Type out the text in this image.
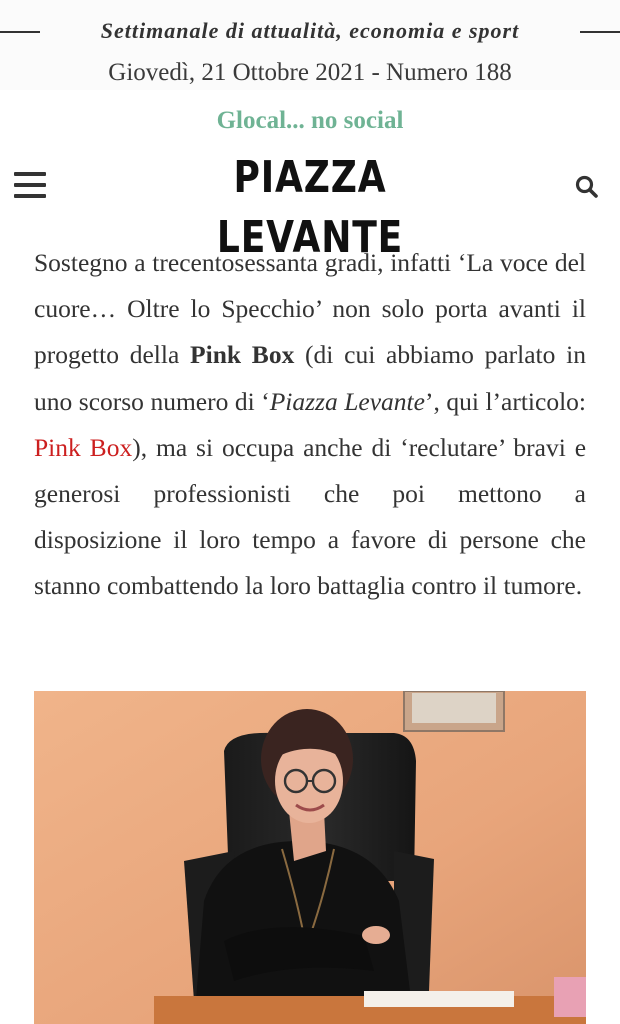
Settimanale di attualità, economia e sport
Giovedì, 21 Ottobre 2021 - Numero 188
Glocal... no social
PIAZZA LEVANTE
Sostegno a trecentosessanta gradi, infatti ‘La voce del cuore… Oltre lo Specchio’ non solo porta avanti il progetto della Pink Box (di cui abbiamo parlato in uno scorso numero di ‘Piazza Levante’, qui l’articolo: Pink Box), ma si occupa anche di ‘reclutare’ bravi e generosi professionisti che poi mettono a disposizione il loro tempo a favore di persone che stanno combattendo la loro battaglia contro il tumore.
